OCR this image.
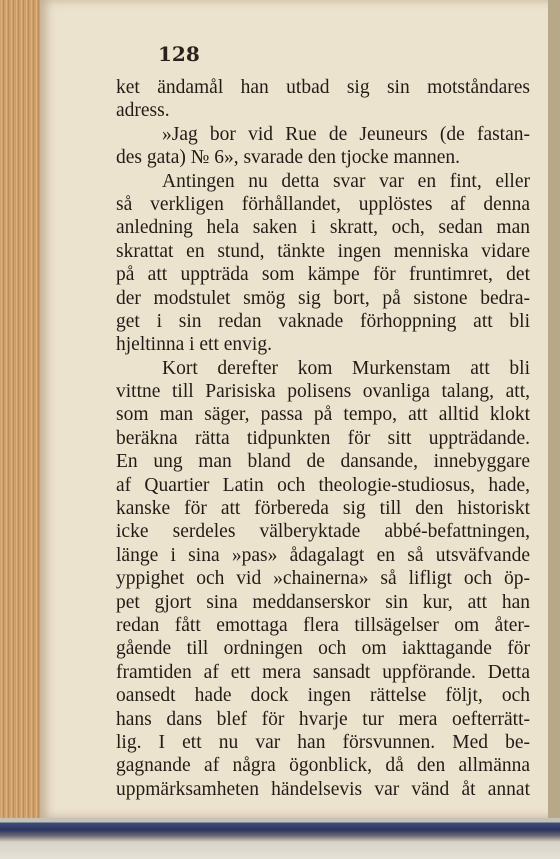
128
ket ändamål han utbad sig sin motståndares
adress.
»Jag bor vid Rue de Jeuneurs (de fastan-
des gata) № 6», svarade den tjocke mannen.
Antingen nu detta svar var en fint, eller
så verkligen förhållandet, upplöstes af denna
anledning hela saken i skratt, och, sedan man
skrattat en stund, tänkte ingen menniska vidare
på att uppträda som kämpe för fruntimret, det
der modstulet smög sig bort, på sistone bedra-
get i sin redan vaknade förhoppning att bli
hjeltinna i ett envig.
Kort derefter kom Murkenstam att bli
vittne till Parisiska polisens ovanliga talang, att,
som man säger, passa på tempo, att alltid klokt
beräkna rätta tidpunkten för sitt uppträdande.
En ung man bland de dansande, innebyggare
af Quartier Latin och theologie-studiosus, hade,
kanske för att förbereda sig till den historiskt
icke serdeles välberyktade abbé-befattningen,
länge i sina »pas» ådagalagt en så utsväfvande
yppighet och vid »chainerna» så lifligt och öp-
pet gjort sina meddanserskor sin kur, att han
redan fått emottaga flera tillsägelser om åter-
gående till ordningen och om iakttagande för
framtiden af ett mera sansadt uppförande. Detta
oansedt hade dock ingen rättelse följt, och
hans dans blef för hvarje tur mera oefterrätt-
lig. I ett nu var han försvunnen. Med be-
gagnande af några ögonblick, då den allmänna
uppmärksamheten händelsevis var vänd åt annat
